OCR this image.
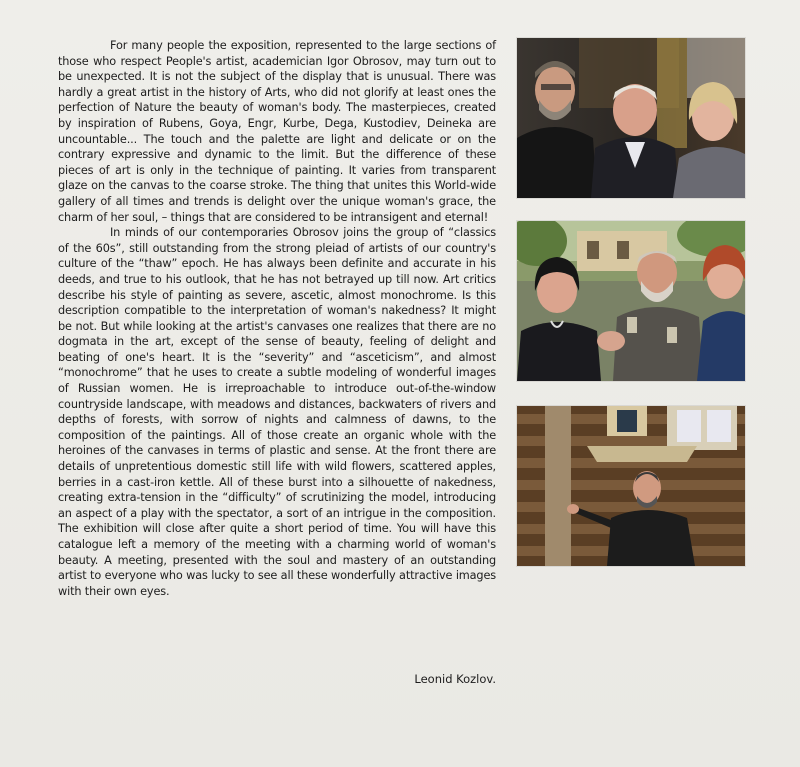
For many people the exposition, represented to the large sections of those who respect People's artist, academician Igor Obrosov, may turn out to be unexpected. It is not the subject of the display that is unusual. There was hardly a great artist in the history of Arts, who did not glorify at least ones the perfection of Nature the beauty of woman's body. The masterpieces, created by inspiration of Rubens, Goya, Engr, Kurbe, Dega, Kustodiev, Deineka are uncountable... The touch and the palette are light and delicate or on the contrary expressive and dynamic to the limit. But the difference of these pieces of art is only in the technique of painting. It varies from transparent glaze on the canvas to the coarse stroke. The thing that unites this World-wide gallery of all times and trends is delight over the unique woman's grace, the charm of her soul, – things that are considered to be intransigent and eternal!

In minds of our contemporaries Obrosov joins the group of “classics of the 60s”, still outstanding from the strong pleiad of artists of our country's culture of the “thaw” epoch. He has always been definite and accurate in his deeds, and true to his outlook, that he has not betrayed up till now. Art critics describe his style of painting as severe, ascetic, almost monochrome. Is this description compatible to the interpretation of woman's nakedness? It might be not. But while looking at the artist's canvases one realizes that there are no dogmata in the art, except of the sense of beauty, feeling of delight and beating of one's heart. It is the “severity” and “asceticism”, and almost “monochrome” that he uses to create a subtle modeling of wonderful images of Russian women. He is irreproachable to introduce out-of-the-window countryside landscape, with meadows and distances, backwaters of rivers and depths of forests, with sorrow of nights and calmness of dawns, to the composition of the paintings. All of those create an organic whole with the heroines of the canvases in terms of plastic and sense. At the front there are details of unpretentious domestic still life with wild flowers, scattered apples, berries in a cast-iron kettle. All of these burst into a silhouette of nakedness, creating extra-tension in the “difficulty” of scrutinizing the model, introducing an aspect of a play with the spectator, a sort of an intrigue in the composition. The exhibition will close after quite a short period of time. You will have this catalogue left a memory of the meeting with a charming world of woman's beauty. A meeting, presented with the soul and mastery of an outstanding artist to everyone who was lucky to see all these wonderfully attractive images with their own eyes.

Leonid Kozlov.
